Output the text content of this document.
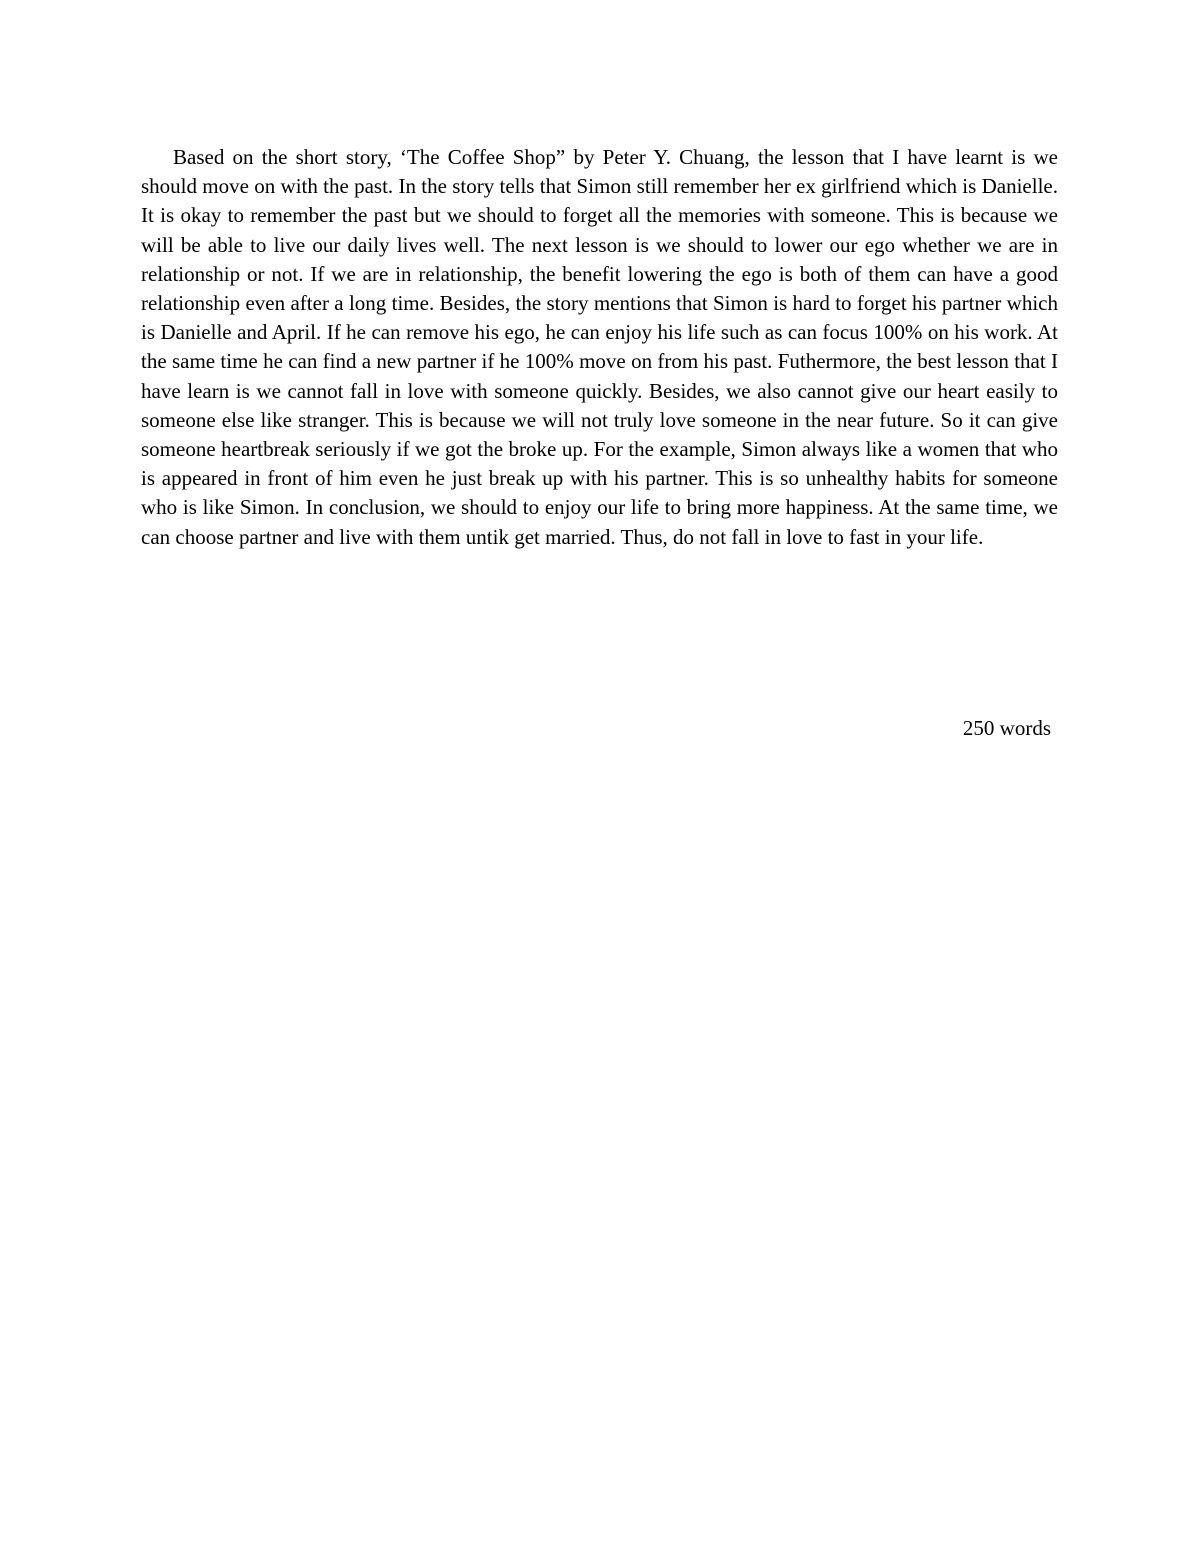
Based on the short story, ‘The Coffee Shop” by Peter Y. Chuang, the lesson that I have learnt is we should move on with the past. In the story tells that Simon still remember her ex girlfriend which is Danielle. It is okay to remember the past but we should to forget all the memories with someone. This is because we will be able to live our daily lives well. The next lesson is we should to lower our ego whether we are in relationship or not. If we are in relationship, the benefit lowering the ego is both of them can have a good relationship even after a long time. Besides, the story mentions that Simon is hard to forget his partner which is Danielle and April. If he can remove his ego, he can enjoy his life such as can focus 100% on his work. At the same time he can find a new partner if he 100% move on from his past. Futhermore, the best lesson that I have learn is we cannot fall in love with someone quickly. Besides, we also cannot give our heart easily to someone else like stranger. This is because we will not truly love someone in the near future. So it can give someone heartbreak seriously if we got the broke up. For the example, Simon always like a women that who is appeared in front of him even he just break up with his partner. This is so unhealthy habits for someone who is like Simon. In conclusion, we should to enjoy our life to bring more happiness. At the same time, we can choose partner and live with them untik get married. Thus, do not fall in love to fast in your life.

250 words
